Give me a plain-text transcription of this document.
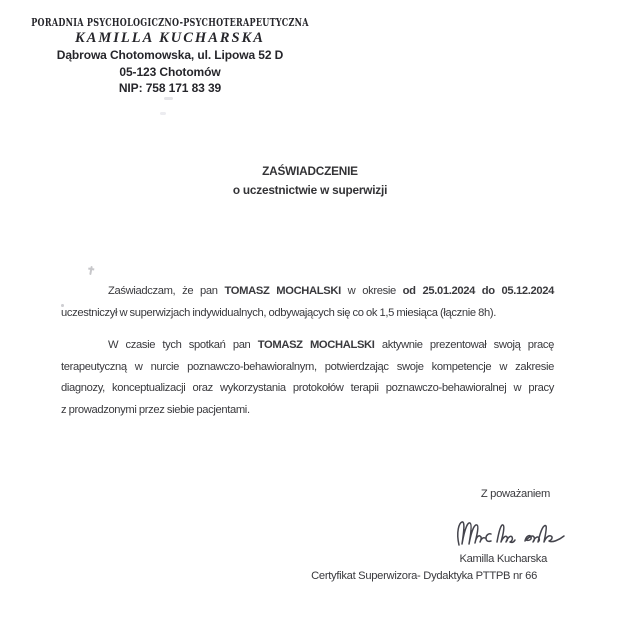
PORADNIA PSYCHOLOGICZNO-PSYCHOTERAPEUTYCZNA
KAMILLA KUCHARSKA
Dąbrowa Chotomowska, ul. Lipowa 52 D
05-123 Chotomów
NIP: 758 171 83 39
ZAŚWIADCZENIE
o uczestnictwie w superwizji
Zaświadczam, że pan TOMASZ MOCHALSKI w okresie od 25.01.2024 do 05.12.2024
uczestniczył w superwizjach indywidualnych, odbywających się co ok 1,5 miesiąca (łącznie 8h).
W czasie tych spotkań pan TOMASZ MOCHALSKI aktywnie prezentował swoją pracę
terapeutyczną w nurcie poznawczo-behawioralnym, potwierdzając swoje kompetencje w zakresie
diagnozy, konceptualizacji oraz wykorzystania protokołów terapii poznawczo-behawioralnej w pracy
z prowadzonymi przez siebie pacjentami.
Z poważaniem
Kamilla Kucharska
Certyfikat Superwizora- Dydaktyka PTTPB nr 66
